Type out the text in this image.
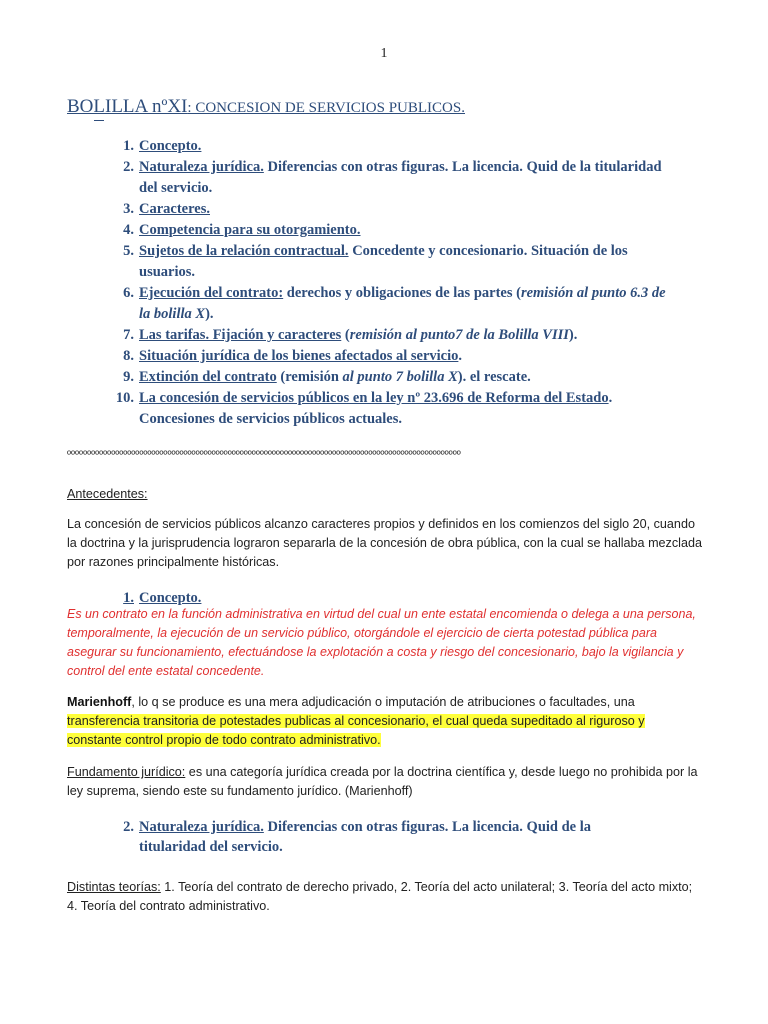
1
BOLILLA nºXI: CONCESION DE SERVICIOS PUBLICOS.
1. Concepto.
2. Naturaleza jurídica. Diferencias con otras figuras. La licencia. Quid de la titularidad del servicio.
3. Caracteres.
4. Competencia para su otorgamiento.
5. Sujetos de la relación contractual. Concedente y concesionario. Situación de los usuarios.
6. Ejecución del contrato: derechos y obligaciones de las partes (remisión al punto 6.3 de la bolilla X).
7. Las tarifas. Fijación y caracteres (remisión al punto7 de la Bolilla VIII).
8. Situación jurídica de los bienes afectados al servicio.
9. Extinción del contrato (remisión al punto 7 bolilla X). el rescate.
10. La concesión de servicios públicos en la ley nº 23.696 de Reforma del Estado. Concesiones de servicios públicos actuales.
ºººººººººººººººººººººººººººººººººººººººººººººººººººººººººººººººººººººººººººººººººººººººººººººººººº
Antecedentes:
La concesión de servicios públicos alcanzo caracteres propios y definidos en los comienzos del siglo 20, cuando la doctrina y la jurisprudencia lograron separarla de la concesión de obra pública, con la cual se hallaba mezclada por razones principalmente históricas.
1. Concepto.
Es un contrato en la función administrativa en virtud del cual un ente estatal encomienda o delega a una persona, temporalmente, la ejecución de un servicio público, otorgándole el ejercicio de cierta potestad pública para asegurar su funcionamiento, efectuándose la explotación a costa y riesgo del concesionario, bajo la vigilancia y control del ente estatal concedente.
Marienhoff, lo q se produce es una mera adjudicación o imputación de atribuciones o facultades, una transferencia transitoria de potestades publicas al concesionario, el cual queda supeditado al riguroso y constante control propio de todo contrato administrativo.
Fundamento jurídico: es una categoría jurídica creada por la doctrina científica y, desde luego no prohibida por la ley suprema, siendo este su fundamento jurídico. (Marienhoff)
2. Naturaleza jurídica. Diferencias con otras figuras. La licencia. Quid de la titularidad del servicio.
Distintas teorías: 1. Teoría del contrato de derecho privado, 2. Teoría del acto unilateral; 3. Teoría del acto mixto; 4. Teoría del contrato administrativo.
